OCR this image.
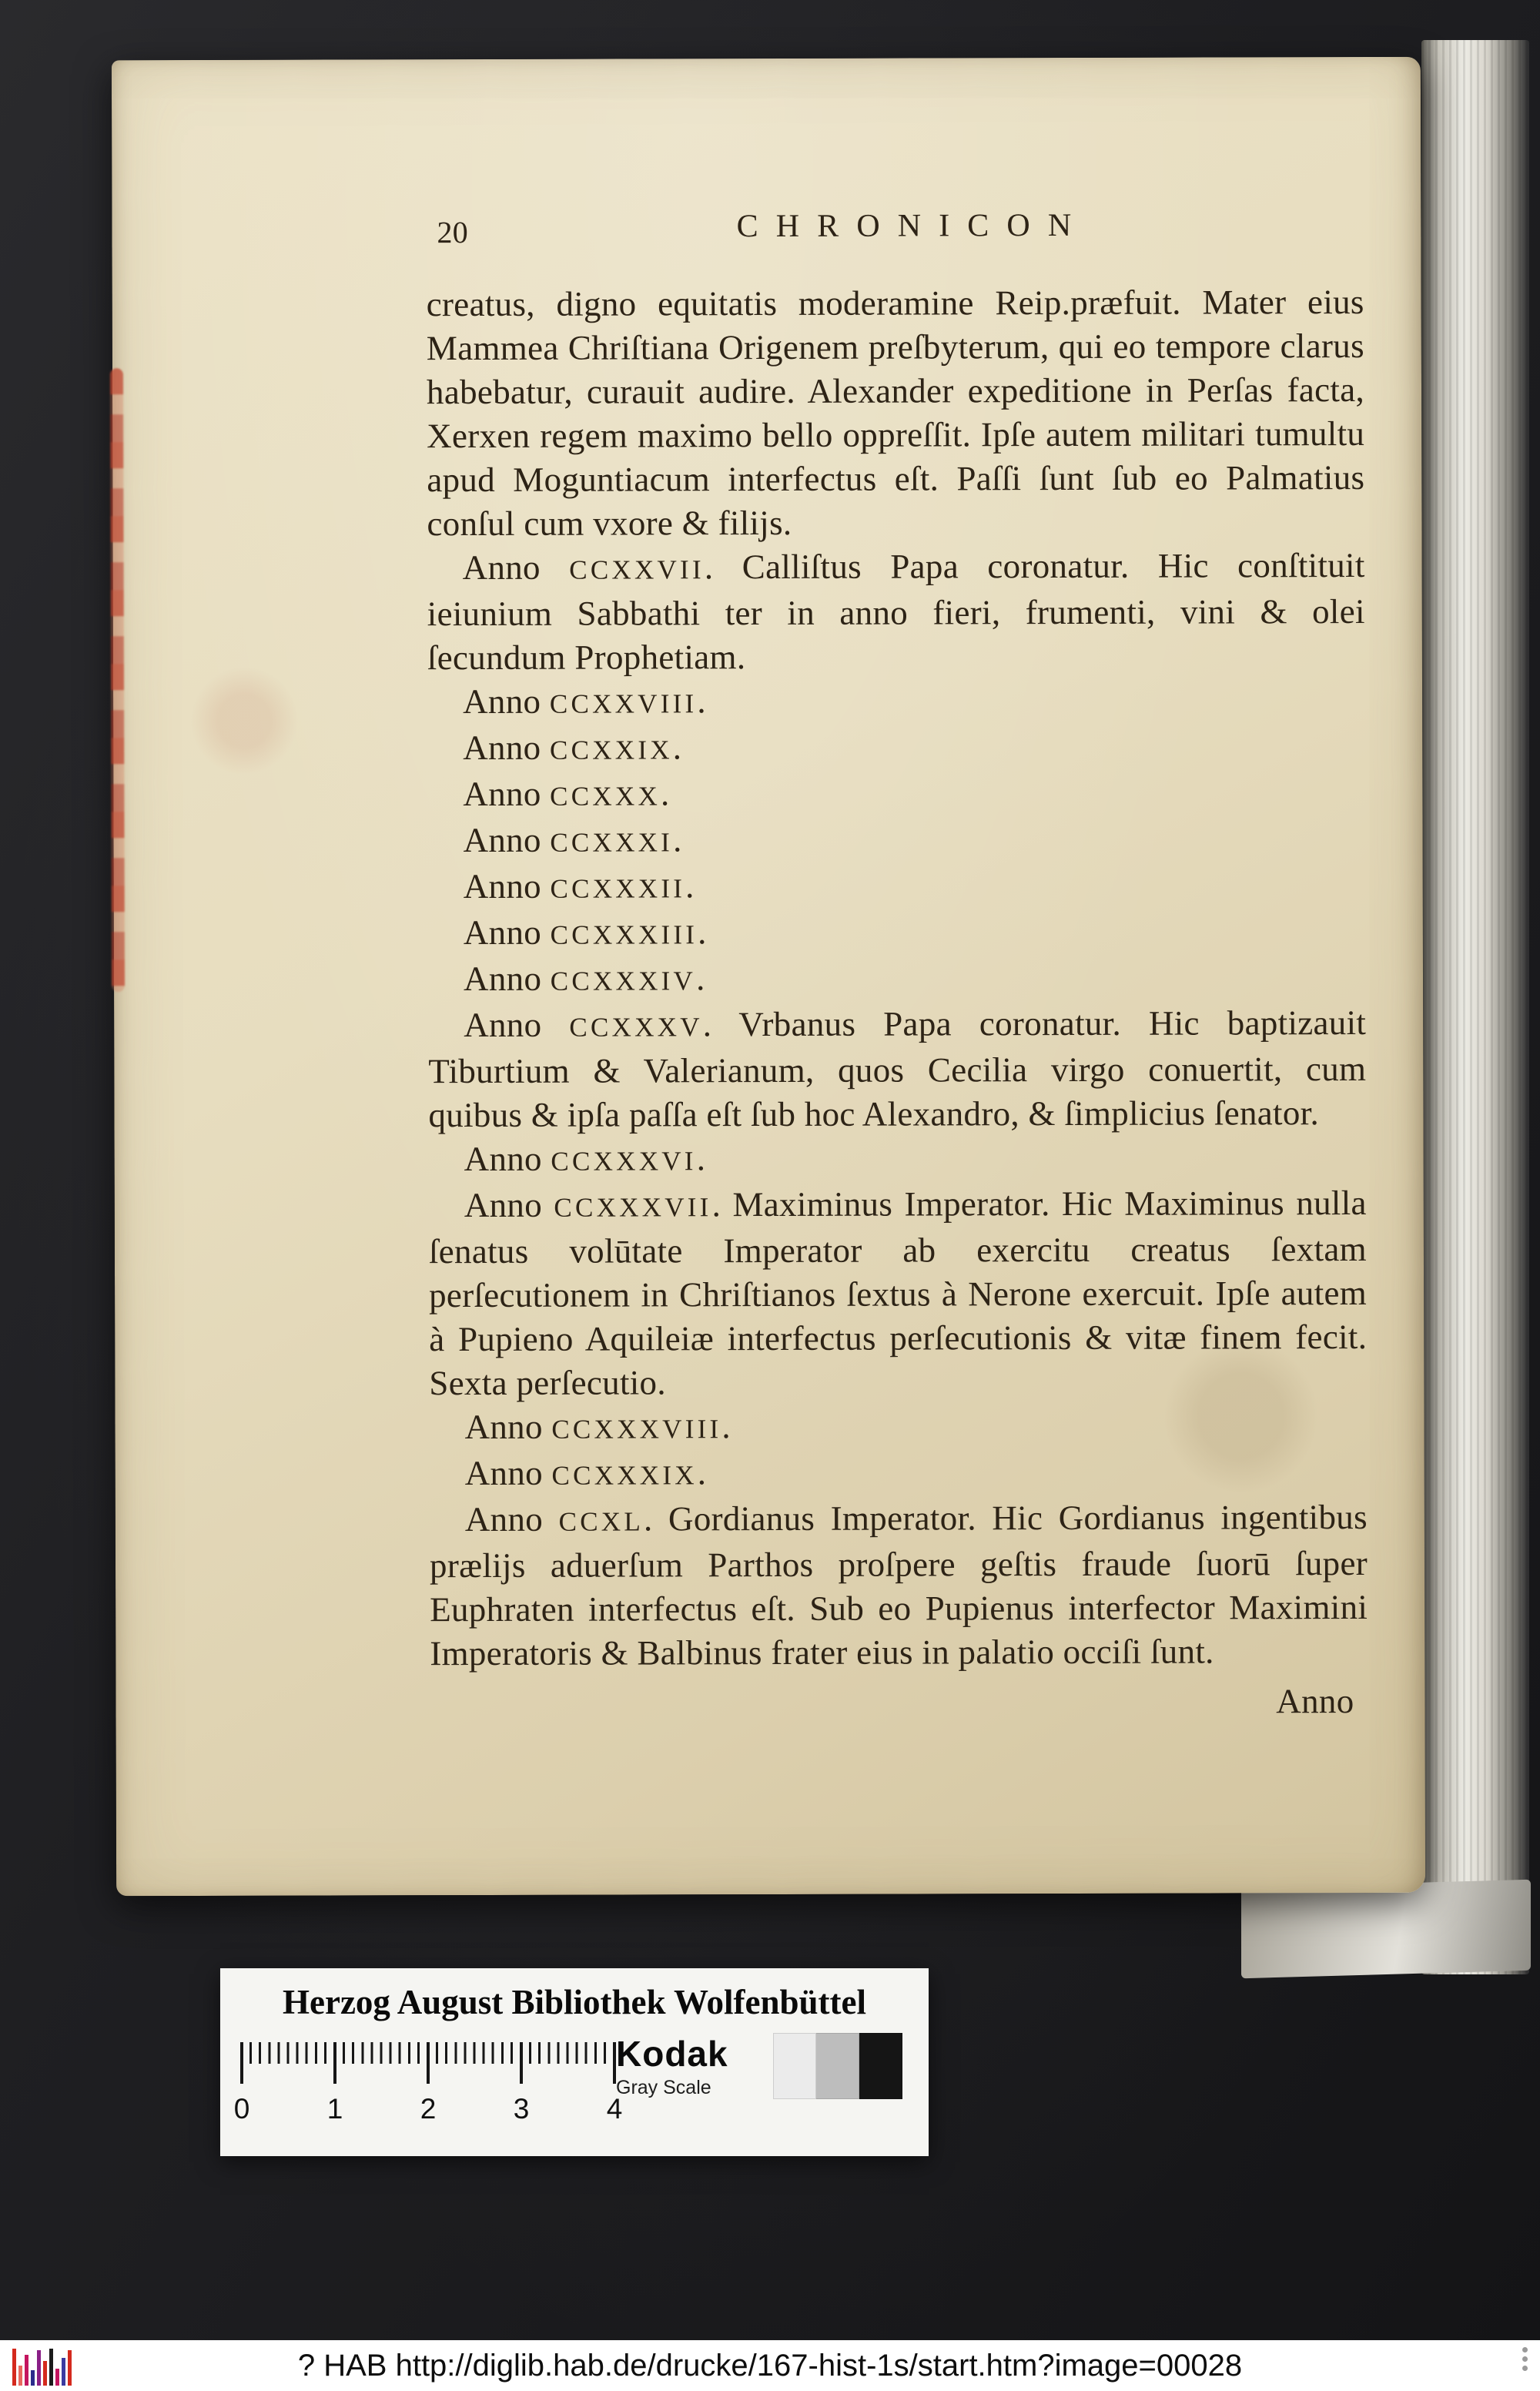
20	CHRONICON

creatus, digno equitatis moderamine Reip.præfuit. Mater eius Mammea Chriſtiana Origenem preſbyterum, qui eo tempore clarus habebatur, curauit audire. Alexander expeditione in Perſas facta, Xerxen regem maximo bello oppreſſit. Ipſe autem militari tumultu apud Moguntiacum interfectus eſt. Paſſi ſunt ſub eo Palmatius conſul cum vxore & filijs.

Anno CCXXVII. Calliſtus Papa coronatur. Hic conſtituit ieiunium Sabbathi ter in anno fieri, frumenti, vini & olei ſecundum Prophetiam.

Anno CCXXVIII.

Anno CCXXIX.

Anno CCXXX.

Anno CCXXXI.

Anno CCXXXII.

Anno CCXXXIII.

Anno CCXXXIV.

Anno CCXXXV. Vrbanus Papa coronatur. Hic baptizauit Tiburtium & Valerianum, quos Cecilia virgo conuertit, cum quibus & ipſa paſſa eſt ſub hoc Alexandro, & ſimplicius ſenator.

Anno CCXXXVI.

Anno CCXXXVII. Maximinus Imperator. Hic Maximinus nulla ſenatus volūtate Imperator ab exercitu creatus ſextam perſecutionem in Chriſtianos ſextus à Nerone exercuit. Ipſe autem à Pupieno Aquileiæ interfectus perſecutionis & vitæ finem fecit. Sexta perſecutio.

Anno CCXXXVIII.

Anno CCXXXIX.

Anno CCXL. Gordianus Imperator. Hic Gordianus ingentibus prælijs aduerſum Parthos proſpere geſtis fraude ſuorū ſuper Euphraten interfectus eſt. Sub eo Pupienus interfector Maximini Imperatoris & Balbinus frater eius in palatio occiſi ſunt.

Anno
Herzog August Bibliothek Wolfenbüttel
0	1	2	3	4
Kodak
Gray Scale
? HAB http://diglib.hab.de/drucke/167-hist-1s/start.htm?image=00028
